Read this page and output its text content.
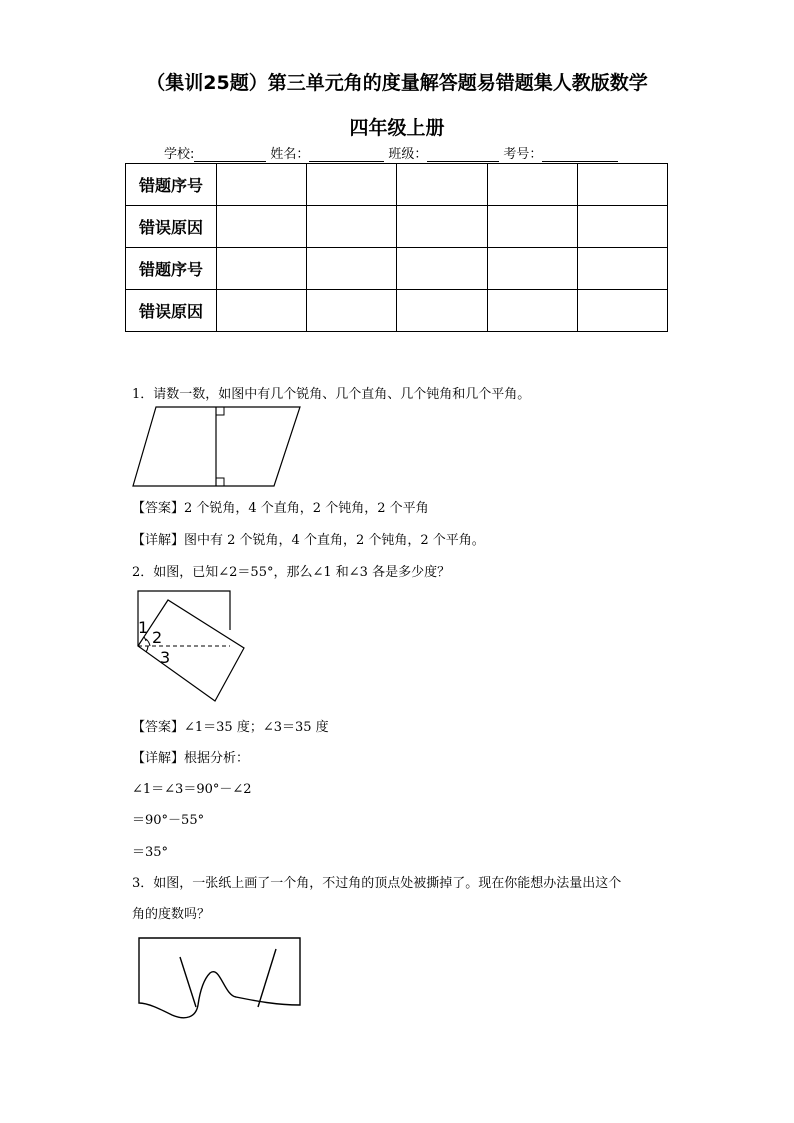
（集训25题）第三单元角的度量解答题易错题集人教版数学
四年级上册
学校:	姓名：	班级：	考号：
错题序号					
错误原因					
错题序号					
错误原因					
1．请数一数，如图中有几个锐角、几个直角、几个钝角和几个平角。
【答案】2 个锐角，4 个直角，2 个钝角，2 个平角
【详解】图中有 2 个锐角，4 个直角，2 个钝角，2 个平角。
2．如图，已知∠2＝55°，那么∠1 和∠3 各是多少度？
1
2
3
【答案】∠1＝35 度；∠3＝35 度
【详解】根据分析：
∠1＝∠3＝90°－∠2
＝90°－55°
＝35°
3．如图，一张纸上画了一个角，不过角的顶点处被撕掉了。现在你能想办法量出这个
角的度数吗？
